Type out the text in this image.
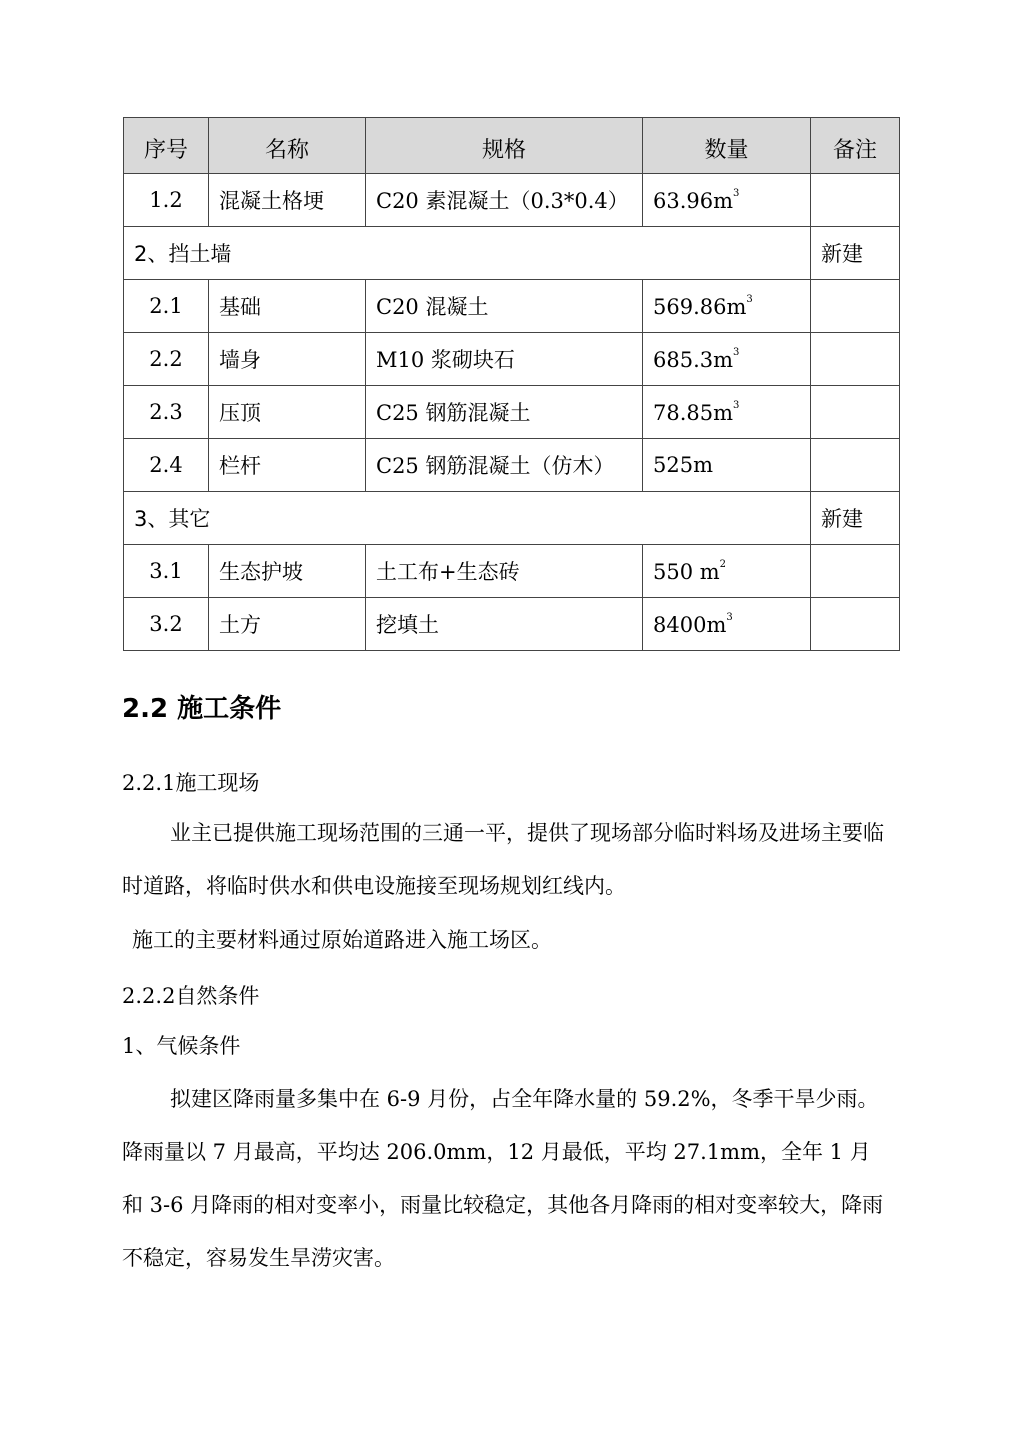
序号	名称	规格	数量	备注
1.2	混凝土格埂	C20 素混凝土（0.3*0.4）	$63.96m^3$	
2、挡土墙				新建
2.1	基础	C20 混凝土	$569.86m^3$	
2.2	墙身	M10 浆砌块石	$685.3m^3$	
2.3	压顶	C25 钢筋混凝土	$78.85m^3$	
2.4	栏杆	C25 钢筋混凝土（仿木）	525m	
3、其它				新建
3.1	生态护坡	土工布+生态砖	550 $m^2$	
3.2	土方	挖填土	$8400m^3$	
2.2 施工条件

2.2.1施工现场

业主已提供施工现场范围的三通一平，提供了现场部分临时料场及进场主要临时道路，将临时供水和供电设施接至现场规划红线内。

施工的主要材料通过原始道路进入施工场区。

2.2.2自然条件

1、气候条件

拟建区降雨量多集中在 6-9 月份，占全年降水量的 59.2%，冬季干旱少雨。降雨量以 7 月最高，平均达 206.0mm，12 月最低，平均 27.1mm，全年 1 月和 3-6 月降雨的相对变率小，雨量比较稳定，其他各月降雨的相对变率较大，降雨不稳定，容易发生旱涝灾害。
